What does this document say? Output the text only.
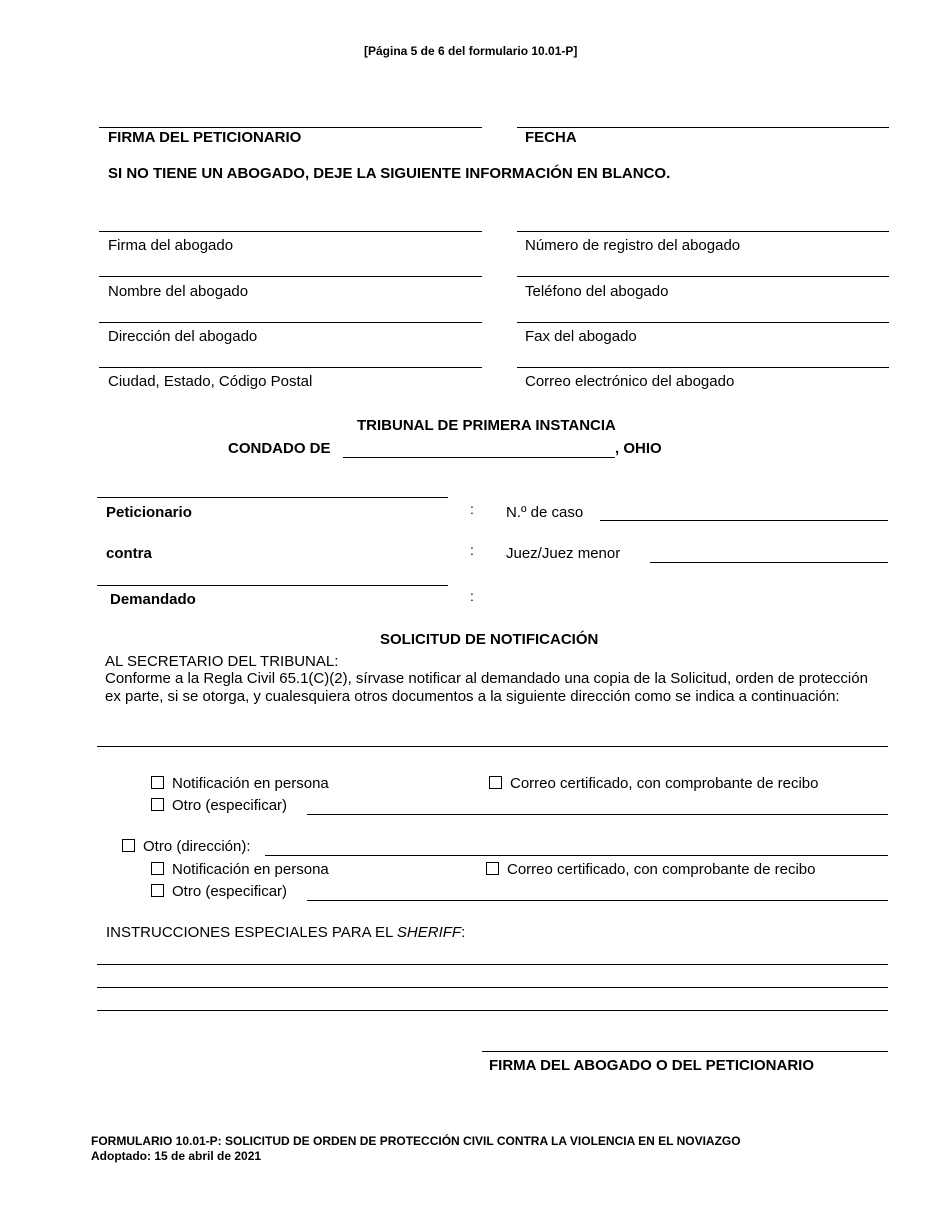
[Página 5 de 6 del formulario 10.01-P]
FIRMA DEL PETICIONARIO	FECHA
SI NO TIENE UN ABOGADO, DEJE LA SIGUIENTE INFORMACIÓN EN BLANCO.
Firma del abogado	Número de registro del abogado
Nombre del abogado	Teléfono del abogado
Dirección del abogado	Fax del abogado
Ciudad, Estado, Código Postal	Correo electrónico del abogado
TRIBUNAL DE PRIMERA INSTANCIA
CONDADO DE	, OHIO
Peticionario	: N.º de caso
contra	: Juez/Juez menor
Demandado	:
SOLICITUD DE NOTIFICACIÓN
AL SECRETARIO DEL TRIBUNAL:
Conforme a la Regla Civil 65.1(C)(2), sírvase notificar al demandado una copia de la Solicitud, orden de protección ex parte, si se otorga, y cualesquiera otros documentos a la siguiente dirección como se indica a continuación:
Notificación en persona	Correo certificado, con comprobante de recibo
Otro (especificar)
Otro (dirección):
Notificación en persona	Correo certificado, con comprobante de recibo
Otro (especificar)
INSTRUCCIONES ESPECIALES PARA EL SHERIFF:
FIRMA DEL ABOGADO O DEL PETICIONARIO
FORMULARIO 10.01-P: SOLICITUD DE ORDEN DE PROTECCIÓN CIVIL CONTRA LA VIOLENCIA EN EL NOVIAZGO
Adoptado: 15 de abril de 2021
